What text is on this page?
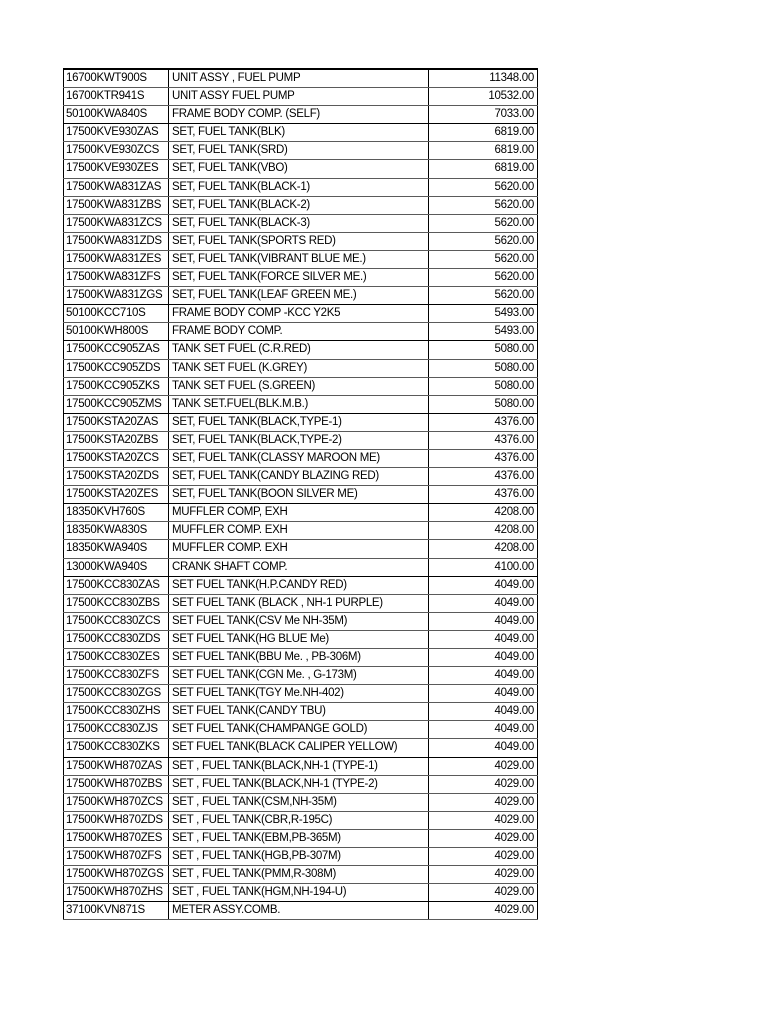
16700KWT900S	UNIT ASSY , FUEL PUMP	11348.00
16700KTR941S	UNIT ASSY FUEL PUMP	10532.00
50100KWA840S	FRAME BODY COMP. (SELF)	7033.00
17500KVE930ZAS	SET, FUEL TANK(BLK)	6819.00
17500KVE930ZCS	SET, FUEL TANK(SRD)	6819.00
17500KVE930ZES	SET, FUEL TANK(VBO)	6819.00
17500KWA831ZAS	SET, FUEL TANK(BLACK-1)	5620.00
17500KWA831ZBS	SET, FUEL TANK(BLACK-2)	5620.00
17500KWA831ZCS	SET, FUEL TANK(BLACK-3)	5620.00
17500KWA831ZDS	SET, FUEL TANK(SPORTS RED)	5620.00
17500KWA831ZES	SET, FUEL TANK(VIBRANT BLUE ME.)	5620.00
17500KWA831ZFS	SET, FUEL TANK(FORCE SILVER ME.)	5620.00
17500KWA831ZGS	SET, FUEL TANK(LEAF GREEN ME.)	5620.00
50100KCC710S	FRAME BODY COMP -KCC Y2K5	5493.00
50100KWH800S	FRAME BODY COMP.	5493.00
17500KCC905ZAS	TANK SET FUEL (C.R.RED)	5080.00
17500KCC905ZDS	TANK SET FUEL (K.GREY)	5080.00
17500KCC905ZKS	TANK SET FUEL (S.GREEN)	5080.00
17500KCC905ZMS	TANK SET.FUEL(BLK.M.B.)	5080.00
17500KSTA20ZAS	SET, FUEL TANK(BLACK,TYPE-1)	4376.00
17500KSTA20ZBS	SET, FUEL TANK(BLACK,TYPE-2)	4376.00
17500KSTA20ZCS	SET, FUEL TANK(CLASSY MAROON ME)	4376.00
17500KSTA20ZDS	SET, FUEL TANK(CANDY BLAZING RED)	4376.00
17500KSTA20ZES	SET, FUEL TANK(BOON SILVER ME)	4376.00
18350KVH760S	MUFFLER COMP, EXH	4208.00
18350KWA830S	MUFFLER COMP. EXH	4208.00
18350KWA940S	MUFFLER COMP. EXH	4208.00
13000KWA940S	CRANK SHAFT COMP.	4100.00
17500KCC830ZAS	SET FUEL TANK(H.P.CANDY RED)	4049.00
17500KCC830ZBS	SET FUEL TANK (BLACK , NH-1 PURPLE)	4049.00
17500KCC830ZCS	SET FUEL TANK(CSV Me NH-35M)	4049.00
17500KCC830ZDS	SET FUEL TANK(HG BLUE Me)	4049.00
17500KCC830ZES	SET FUEL TANK(BBU Me. , PB-306M)	4049.00
17500KCC830ZFS	SET FUEL TANK(CGN Me. , G-173M)	4049.00
17500KCC830ZGS	SET FUEL TANK(TGY Me.NH-402)	4049.00
17500KCC830ZHS	SET FUEL TANK(CANDY TBU)	4049.00
17500KCC830ZJS	SET FUEL TANK(CHAMPANGE GOLD)	4049.00
17500KCC830ZKS	SET FUEL TANK(BLACK CALIPER YELLOW)	4049.00
17500KWH870ZAS	SET , FUEL TANK(BLACK,NH-1 (TYPE-1)	4029.00
17500KWH870ZBS	SET , FUEL TANK(BLACK,NH-1 (TYPE-2)	4029.00
17500KWH870ZCS	SET , FUEL TANK(CSM,NH-35M)	4029.00
17500KWH870ZDS	SET , FUEL TANK(CBR,R-195C)	4029.00
17500KWH870ZES	SET , FUEL TANK(EBM,PB-365M)	4029.00
17500KWH870ZFS	SET , FUEL TANK(HGB,PB-307M)	4029.00
17500KWH870ZGS	SET , FUEL TANK(PMM,R-308M)	4029.00
17500KWH870ZHS	SET , FUEL TANK(HGM,NH-194-U)	4029.00
37100KVN871S	METER ASSY.COMB.	4029.00
